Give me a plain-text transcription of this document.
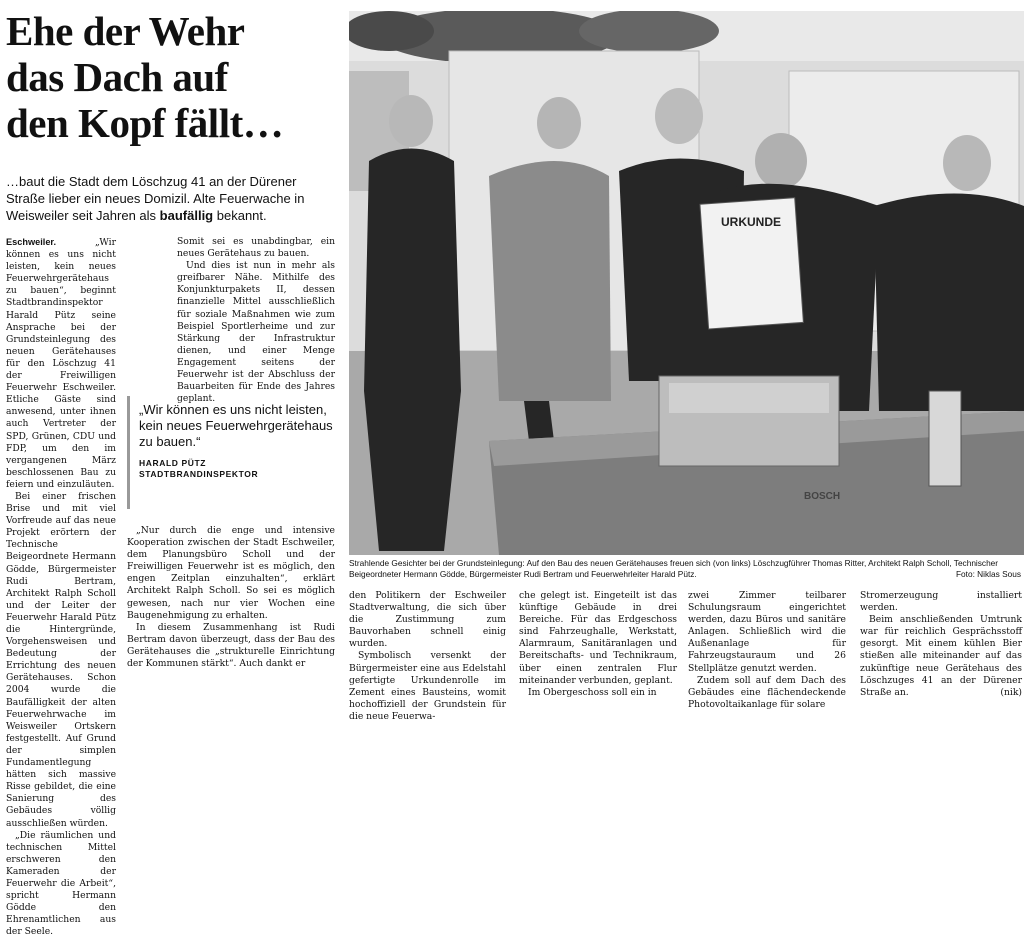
Ehe der Wehr
das Dach auf
den Kopf fällt…
…baut die Stadt dem Löschzug 41 an der Dürener Straße lieber ein neues Domizil. Alte Feuerwache in Weisweiler seit Jahren als baufällig bekannt.

Eschweiler.	„Wir können es uns nicht leisten, kein neues Feuerwehrgerätehaus zu bauen“, beginnt Stadtbrandinspektor Harald Pütz seine Ansprache bei der Grundsteinlegung des neuen Gerätehauses für den Löschzug 41 der Freiwilligen Feuerwehr Eschweiler. Etliche Gäste sind anwesend, unter ihnen auch Vertreter der SPD, Grünen, CDU und FDP, um den im vergangenen März beschlossenen Bau zu feiern und einzuläuten.

Bei einer frischen Brise und mit viel Vorfreude auf das neue Projekt erörtern der Technische Beigeordnete Hermann Gödde, Bürgermeister Rudi Bertram, Architekt Ralph Scholl und der Leiter der Feuerwehr Harald Pütz die Hintergründe, Vorgehensweisen und Bedeutung der Errichtung des neuen Gerätehauses. Schon 2004 wurde die Baufälligkeit der alten Feuerwehrwache im Weisweiler Ortskern festgestellt. Auf Grund der simplen Fundamentlegung hätten sich massive Risse gebildet, die eine Sanierung des Gebäudes völlig ausschließen würden.

„Die räumlichen und technischen Mittel erschweren den Kameraden der Feuerwehr die Arbeit“, spricht Hermann Gödde den Ehrenamtlichen aus der Seele.

Somit sei es unabdingbar, ein neues Gerätehaus zu bauen.

Und dies ist nun in mehr als greifbarer Nähe. Mithilfe des Konjunkturpakets II, dessen finanzielle Mittel ausschließlich für soziale Maßnahmen wie zum Beispiel Sportlerheime und zur Stärkung der Infrastruktur dienen, und einer Menge Engagement seitens der Feuerwehr ist der Abschluss der Bauarbeiten für Ende des Jahres geplant.

„Nur durch die enge und intensive Kooperation zwischen der Stadt Eschweiler, dem Planungsbüro Scholl und der Freiwilligen Feuerwehr ist es möglich, den engen Zeitplan einzuhalten“, erklärt Architekt Ralph Scholl. So sei es möglich gewesen, nach nur vier Wochen eine Baugenehmigung zu erhalten.

In diesem Zusammenhang ist Rudi Bertram davon überzeugt, dass der Bau des Gerätehauses die „strukturelle Einrichtung der Kommunen stärkt“. Auch dankt er

„Wir können es uns nicht leisten, kein neues Feuerwehrgerätehaus zu bauen.“
HARALD PÜTZ
STADTBRANDINSPEKTOR
URKUNDE
BOSCH
Strahlende Gesichter bei der Grundsteinlegung: Auf den Bau des neuen Gerätehauses freuen sich (von links) Löschzugführer Thomas Ritter, Architekt Ralph Scholl, Technischer Beigeordneter Hermann Gödde, Bürgermeister Rudi Bertram und Feuerwehrleiter Harald Pütz.	Foto: Niklas Sous

den Politikern der Eschweiler Stadtverwaltung, die sich über die Zustimmung zum Bauvorhaben schnell einig wurden.

Symbolisch versenkt der Bürgermeister eine aus Edelstahl gefertigte Urkundenrolle im Zement eines Bausteins, womit hochoffiziell der Grundstein für die neue Feuerwa-

che gelegt ist. Eingeteilt ist das künftige Gebäude in drei Bereiche. Für das Erdgeschoss sind Fahrzeughalle, Werkstatt, Alarmraum, Sanitäranlagen und Bereitschafts- und Technikraum, über einen zentralen Flur miteinander verbunden, geplant.

Im Obergeschoss soll ein in

zwei Zimmer teilbarer Schulungsraum eingerichtet werden, dazu Büros und sanitäre Anlagen. Schließlich wird die Außenanlage für Fahrzeugstauraum und 26 Stellplätze genutzt werden.

Zudem soll auf dem Dach des Gebäudes eine flächendeckende Photovoltaikanlage für solare

Stromerzeugung installiert werden.

Beim anschließenden Umtrunk war für reichlich Gesprächsstoff gesorgt. Mit einem kühlen Bier stießen alle miteinander auf das zukünftige neue Gerätehaus des Löschzuges 41 an der Dürener Straße an.	(nik)
